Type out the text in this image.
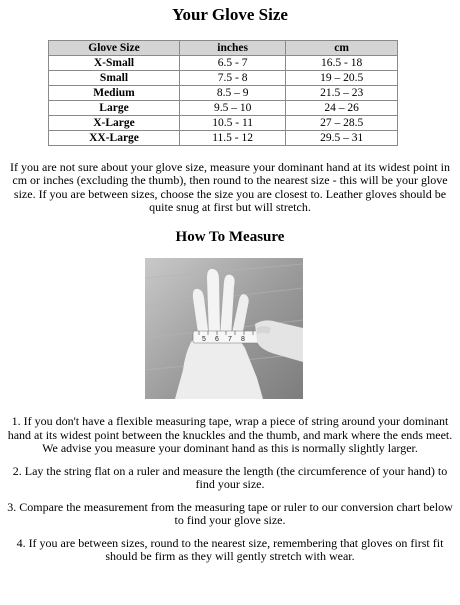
Your Glove Size
Glove Size	inches	cm
X-Small	6.5 - 7	16.5 - 18
Small	7.5 - 8	19 – 20.5
Medium	8.5 – 9	21.5 – 23
Large	9.5 – 10	24 – 26
X-Large	10.5 - 11	27 – 28.5
XX-Large	11.5 - 12	29.5 – 31
If you are not sure about your glove size, measure your dominant hand at its widest point in cm or inches (excluding the thumb), then round to the nearest size - this will be your glove size. If you are between sizes, choose the size you are closest to. Leather gloves should be quite snug at first but will stretch.
How To Measure
5 6 7 8

1. If you don't have a flexible measuring tape, wrap a piece of string around your dominant hand at its widest point between the knuckles and the thumb, and mark where the ends meet. We advise you measure your dominant hand as this is normally slightly larger.

2. Lay the string flat on a ruler and measure the length (the circumference of your hand) to find your size.

3. Compare the measurement from the measuring tape or ruler to our conversion chart below to find your glove size.

4. If you are between sizes, round to the nearest size, remembering that gloves on first fit should be firm as they will gently stretch with wear.
